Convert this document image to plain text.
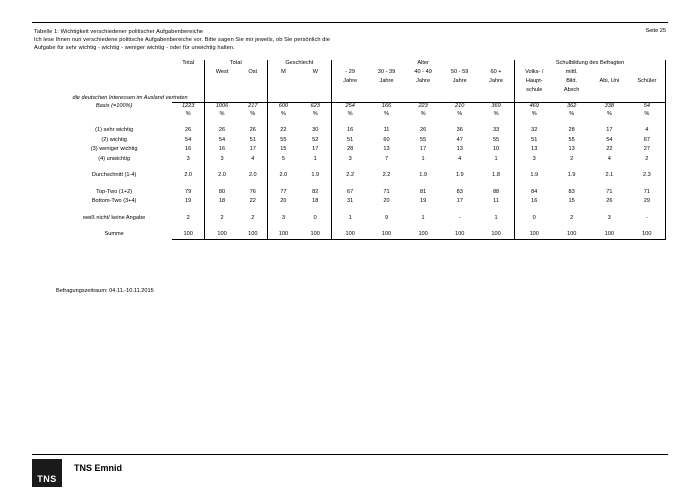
Tabelle 1: Wichtigkeit verschiedener politischer Aufgabenbereiche
Ich lese Ihnen nun verschiedene politische Aufgabenbereiche vor. Bitte sagen Sie mir jeweils, ob Sie persönlich die
Aufgabe für sehr wichtig - wichtig - weniger wichtig - oder für unwichtig halten.
Seite 25
	Total	Total		Geschlecht		Alter					Schulbildung des Befragten			
		West	Ost	M	W	- 29	30 - 39	40 - 49	50 - 59	60 +	Volks- /	mittl.		
						Jahre	Jahre	Jahre	Jahre	Jahre	Haupt-	Bild.	Abi, Uni	Schüler
											schule	Absch		
die deutschen Interessen im Ausland vertreten														

Basis (=100%)	1223	1006	217	600	623	254	166	223	210	369	469	362	338	54
	%	%	%	%	%	%	%	%	%	%	%	%	%	%

(1) sehr wichtig	26	26	26	22	30	16	11	26	36	33	32	28	17	4
(2) wichtig	54	54	51	55	52	51	60	55	47	55	51	55	54	67
(3) weniger wichtig	16	16	17	15	17	28	13	17	13	10	13	13	22	27
(4) unwichtig	3	3	4	5	1	3	7	1	4	1	3	2	4	2

Durchschnitt (1-4)	2.0	2.0	2.0	2.0	1.9	2.2	2.2	1.9	1.9	1.8	1.9	1.9	2.1	2.3

Top-Two (1+2)	79	80	76	77	82	67	71	81	83	88	84	83	71	71
Bottom-Two (3+4)	19	18	22	20	18	31	20	19	17	11	16	15	26	29

weiß nicht/ keine Angabe	2	2	2	3	0	1	9	1	-	1	0	2	3	-

Summe	100	100	100	100	100	100	100	100	100	100	100	100	100	100

Befragungszeitraum: 04.11.-10.11.2015
TNS
TNS Emnid
